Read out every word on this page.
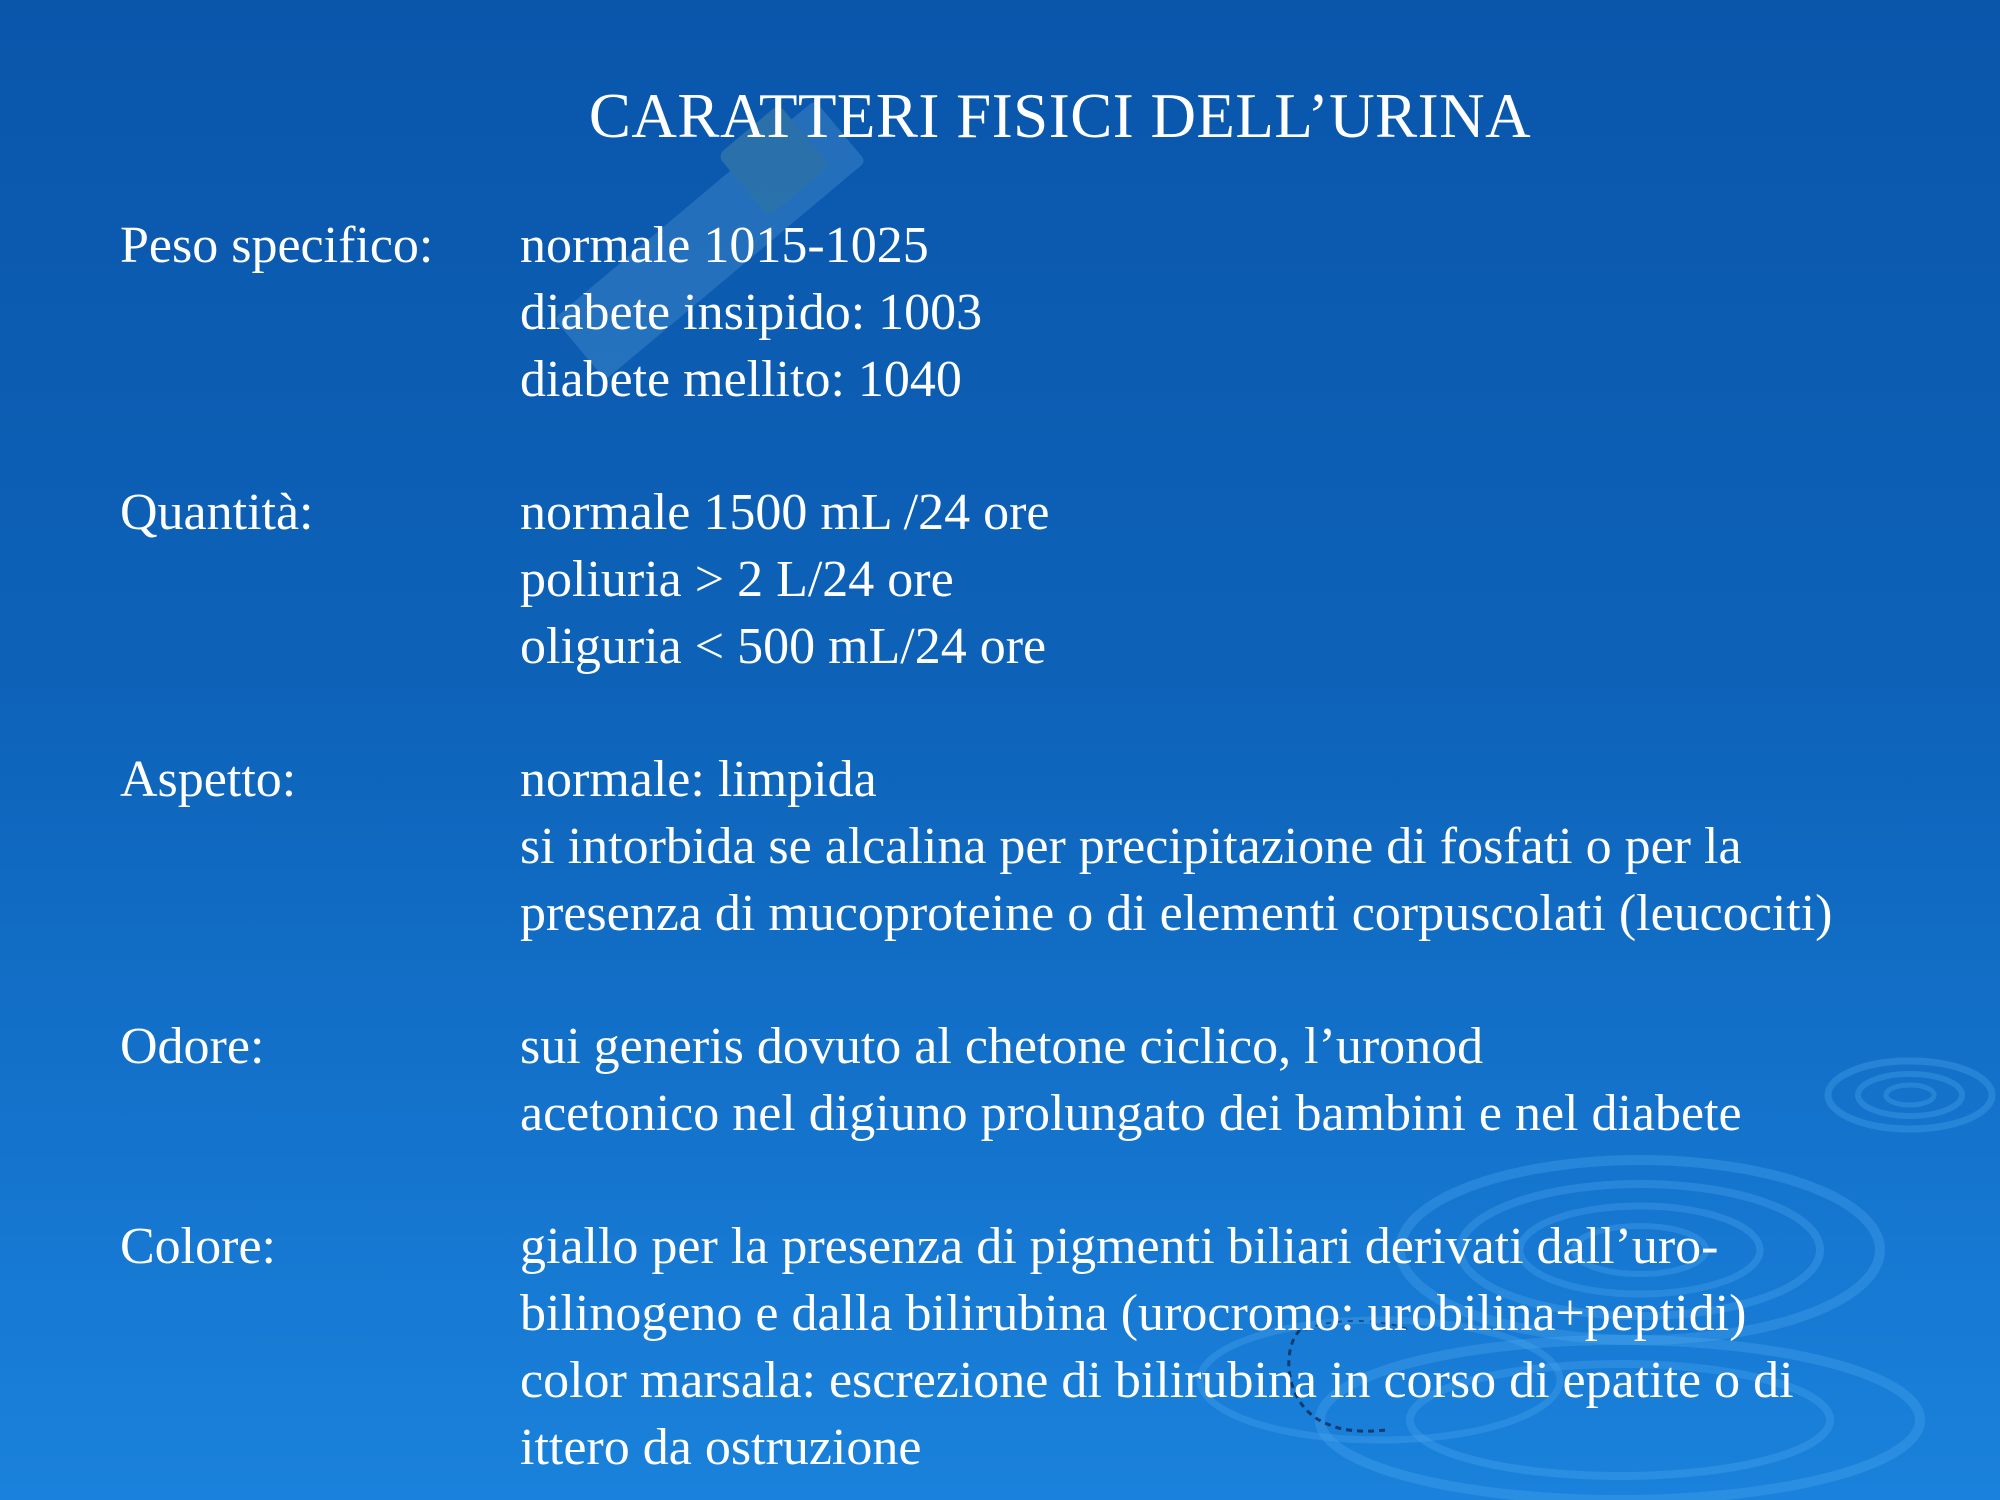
CARATTERI FISICI DELL’URINA
Peso specifico:	normale 1015-1025
diabete insipido: 1003
diabete mellito: 1040
Quantità:	normale 1500 mL /24 ore
poliuria > 2 L/24 ore
oliguria < 500 mL/24 ore
Aspetto:	normale: limpida
si intorbida se alcalina per precipitazione di fosfati o per la
presenza di mucoproteine o di elementi corpuscolati (leucociti)
Odore:	sui generis dovuto al chetone ciclico, l’uronod
acetonico nel digiuno prolungato dei bambini e nel diabete
Colore:	giallo per la presenza di pigmenti biliari derivati dall’uro-
bilinogeno e dalla bilirubina (urocromo: urobilina+peptidi)
color marsala: escrezione di bilirubina in corso di epatite o di
ittero da ostruzione
